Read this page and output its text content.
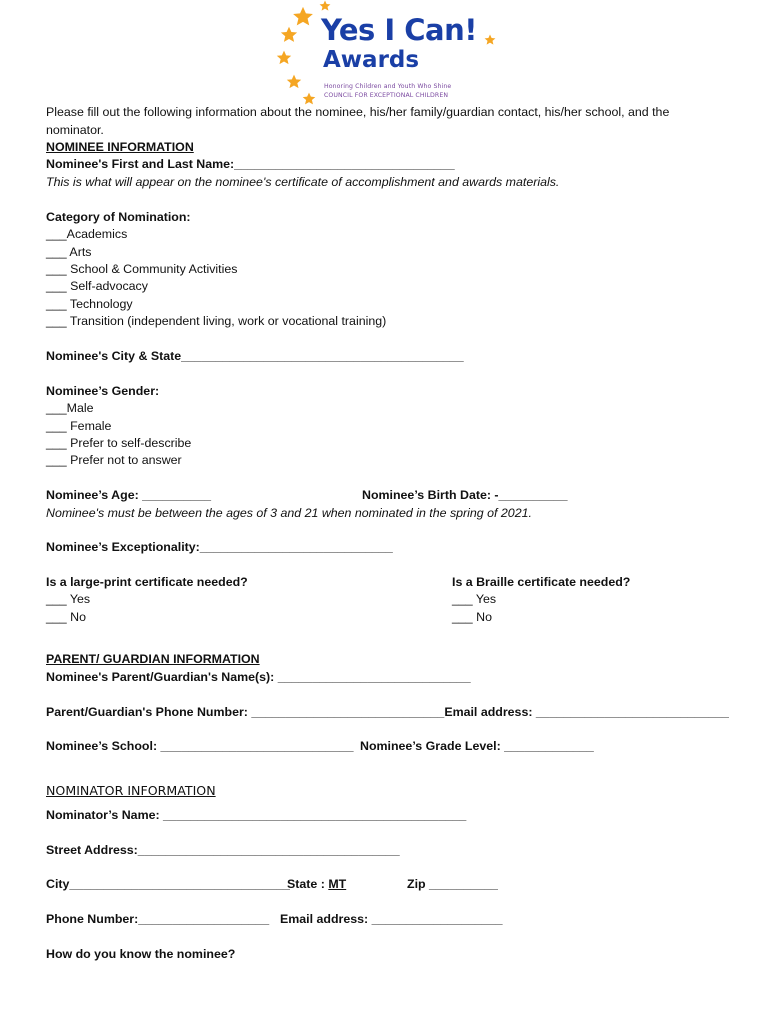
Yes I Can!
Awards
Honoring Children and Youth Who Shine
COUNCIL FOR EXCEPTIONAL CHILDREN
Please fill out the following information about the nominee, his/her family/guardian contact, his/her school, and the
nominator.
NOMINEE INFORMATION
Nominee's First and Last Name:________________________________
This is what will appear on the nominee's certificate of accomplishment and awards materials.
Category of Nomination:
___Academics
___ Arts
___ School & Community Activities
___ Self-advocacy
___ Technology
___ Transition (independent living, work or vocational training)
Nominee's City & State_________________________________________
Nominee’s Gender:
___Male
___ Female
___ Prefer to self-describe
___ Prefer not to answer
Nominee’s Age: __________	Nominee’s Birth Date: -__________
Nominee's must be between the ages of 3 and 21 when nominated in the spring of 2021.
Nominee’s Exceptionality:____________________________
Is a large-print certificate needed?
___ Yes
___ No
Is a Braille certificate needed?
___ Yes
___ No
PARENT/ GUARDIAN INFORMATION
Nominee's Parent/Guardian's Name(s): ____________________________
Parent/Guardian's Phone Number: ____________________________Email address: ____________________________
Nominee’s School: ____________________________ Nominee’s Grade Level: _____________
NOMINATOR INFORMATION
Nominator’s Name: ____________________________________________
Street Address:______________________________________
City________________________________
State : MT	Zip __________
Phone Number:___________________ Email address: ___________________
How do you know the nominee?
